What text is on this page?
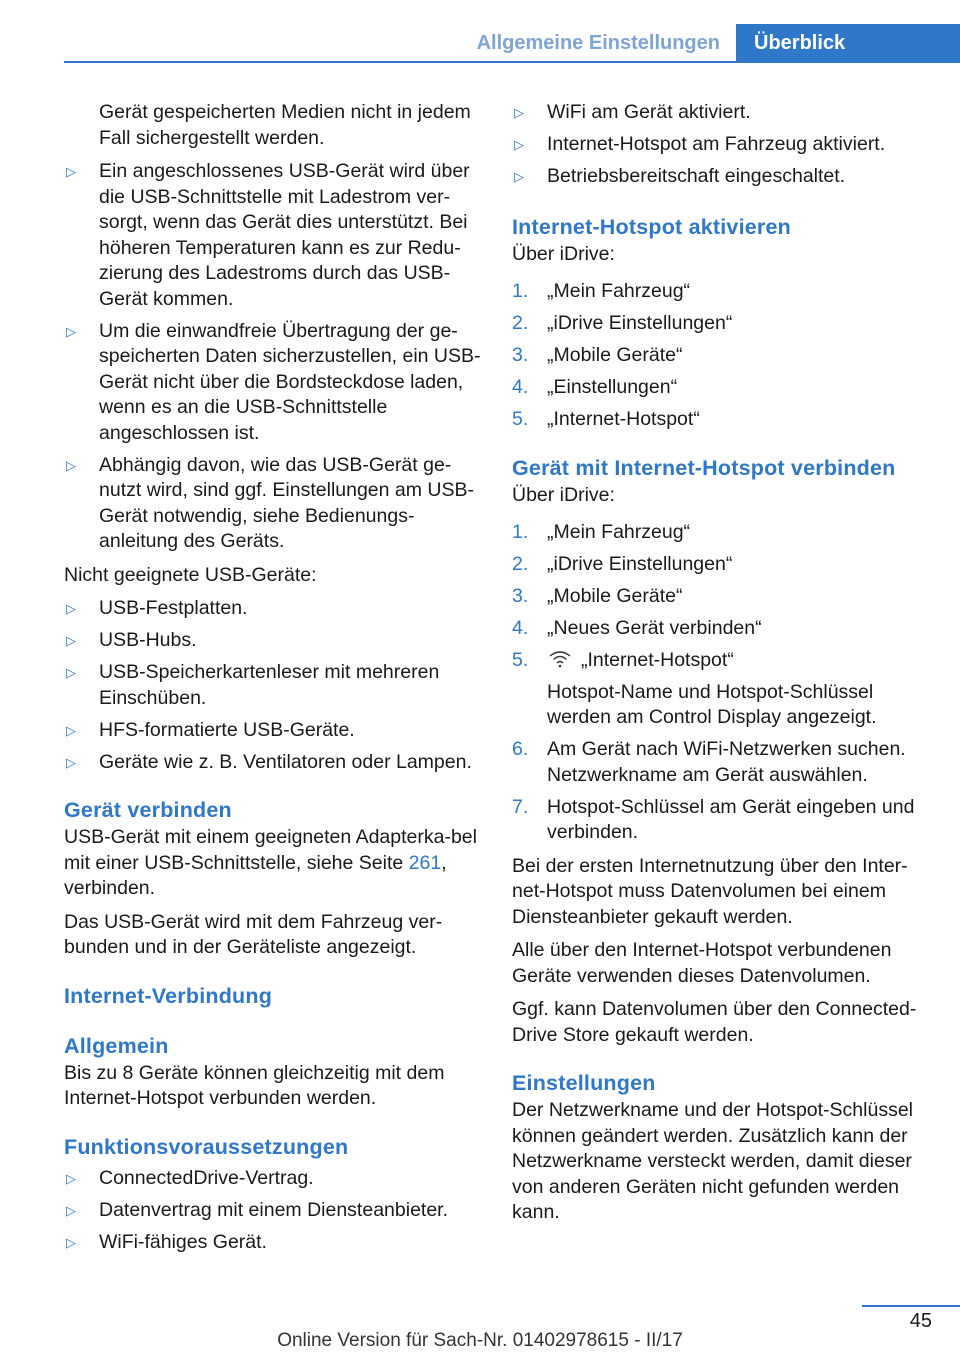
Allgemeine Einstellungen	Überblick

Gerät gespeicherten Medien nicht in jedem Fall sichergestellt werden.

▷ Ein angeschlossenes USB-Gerät wird über die USB-Schnittstelle mit Ladestrom ver‐sorgt, wenn das Gerät dies unterstützt. Bei höheren Temperaturen kann es zur Redu‐zierung des Ladestroms durch das USB-Gerät kommen.
▷ Um die einwandfreie Übertragung der ge‐speicherten Daten sicherzustellen, ein USB-Gerät nicht über die Bordsteckdose laden, wenn es an die USB-Schnittstelle angeschlossen ist.
▷ Abhängig davon, wie das USB-Gerät ge‐nutzt wird, sind ggf. Einstellungen am USB-Gerät notwendig, siehe Bedienungs‐anleitung des Geräts.

Nicht geeignete USB-Geräte:

▷ USB-Festplatten.
▷ USB-Hubs.
▷ USB-Speicherkartenleser mit mehreren Einschüben.
▷ HFS-formatierte USB-Geräte.
▷ Geräte wie z. B. Ventilatoren oder Lampen.
Gerät verbinden

USB-Gerät mit einem geeigneten Adapterka‐bel mit einer USB-Schnittstelle, siehe Seite 261, verbinden.

Das USB-Gerät wird mit dem Fahrzeug ver‐bunden und in der Geräteliste angezeigt.

Internet-Verbindung
Allgemein

Bis zu 8 Geräte können gleichzeitig mit dem Internet-Hotspot verbunden werden.

Funktionsvoraussetzungen
▷ ConnectedDrive-Vertrag.
▷ Datenvertrag mit einem Diensteanbieter.
▷ WiFi-fähiges Gerät.
▷ WiFi am Gerät aktiviert.
▷ Internet-Hotspot am Fahrzeug aktiviert.
▷ Betriebsbereitschaft eingeschaltet.
Internet-Hotspot aktivieren

Über iDrive:

1. „Mein Fahrzeug“
2. „iDrive Einstellungen“
3. „Mobile Geräte“
4. „Einstellungen“
5. „Internet-Hotspot“
Gerät mit Internet-Hotspot verbinden

Über iDrive:

1. „Mein Fahrzeug“
2. „iDrive Einstellungen“
3. „Mobile Geräte“
4. „Neues Gerät verbinden“
5.	„Internet-Hotspot“
Hotspot-Name und Hotspot-Schlüssel werden am Control Display angezeigt.
6. Am Gerät nach WiFi-Netzwerken suchen. Netzwerkname am Gerät auswählen.
7. Hotspot-Schlüssel am Gerät eingeben und verbinden.

Bei der ersten Internetnutzung über den Inter‐net-Hotspot muss Datenvolumen bei einem Diensteanbieter gekauft werden.

Alle über den Internet-Hotspot verbundenen Geräte verwenden dieses Datenvolumen.

Ggf. kann Datenvolumen über den Connected‐Drive Store gekauft werden.

Einstellungen

Der Netzwerkname und der Hotspot-Schlüssel können geändert werden. Zusätzlich kann der Netzwerkname versteckt werden, damit dieser von anderen Geräten nicht gefunden werden kann.

45
Online Version für Sach-Nr. 01402978615 - II/17
